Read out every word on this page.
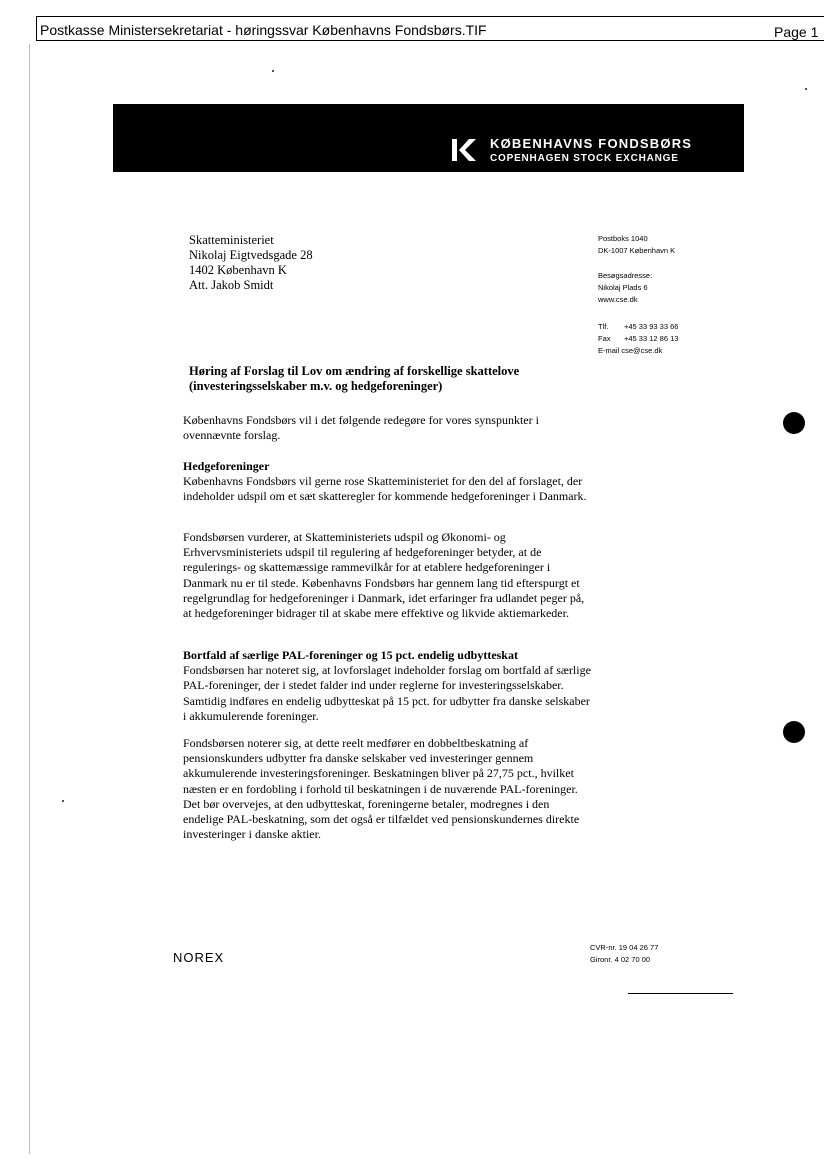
Postkasse Ministersekretariat - høringssvar Københavns Fondsbørs.TIF	Page 1
KØBENHAVNS FONDSBØRS
COPENHAGEN STOCK EXCHANGE
Skatteministeriet
Nikolaj Eigtvedsgade 28
1402 København K
Att. Jakob Smidt
Postboks 1040
DK-1007 København K
Besøgsadresse:
Nikolaj Plads 6
www.cse.dk
Tlf. +45 33 93 33 66
Fax +45 33 12 86 13
E-mail cse@cse.dk
Høring af Forslag til Lov om ændring af forskellige skattelove
(investeringsselskaber m.v. og hedgeforeninger)
Københavns Fondsbørs vil i det følgende redegøre for vores synspunkter i ovennævnte forslag.
Hedgeforeninger
Københavns Fondsbørs vil gerne rose Skatteministeriet for den del af forslaget, der indeholder udspil om et sæt skatteregler for kommende hedgeforeninger i Danmark.
Fondsbørsen vurderer, at Skatteministeriets udspil og Økonomi- og Erhvervsministeriets udspil til regulering af hedgeforeninger betyder, at de regulerings- og skattemæssige rammevilkår for at etablere hedgeforeninger i Danmark nu er til stede. Københavns Fondsbørs har gennem lang tid efterspurgt et regelgrundlag for hedgeforeninger i Danmark, idet erfaringer fra udlandet peger på, at hedgeforeninger bidrager til at skabe mere effektive og likvide aktiemarkeder.
Bortfald af særlige PAL-foreninger og 15 pct. endelig udbytteskat
Fondsbørsen har noteret sig, at lovforslaget indeholder forslag om bortfald af særlige PAL-foreninger, der i stedet falder ind under reglerne for investeringsselskaber. Samtidig indføres en endelig udbytteskat på 15 pct. for udbytter fra danske selskaber i akkumulerende foreninger.
Fondsbørsen noterer sig, at dette reelt medfører en dobbeltbeskatning af pensionskunders udbytter fra danske selskaber ved investeringer gennem akkumulerende investeringsforeninger. Beskatningen bliver på 27,75 pct., hvilket næsten er en fordobling i forhold til beskatningen i de nuværende PAL-foreninger. Det bør overvejes, at den udbytteskat, foreningerne betaler, modregnes i den endelige PAL-beskatning, som det også er tilfældet ved pensionskundernes direkte investeringer i danske aktier.
NOREX
CVR-nr. 19 04 26 77
Gironr. 4 02 70 00
